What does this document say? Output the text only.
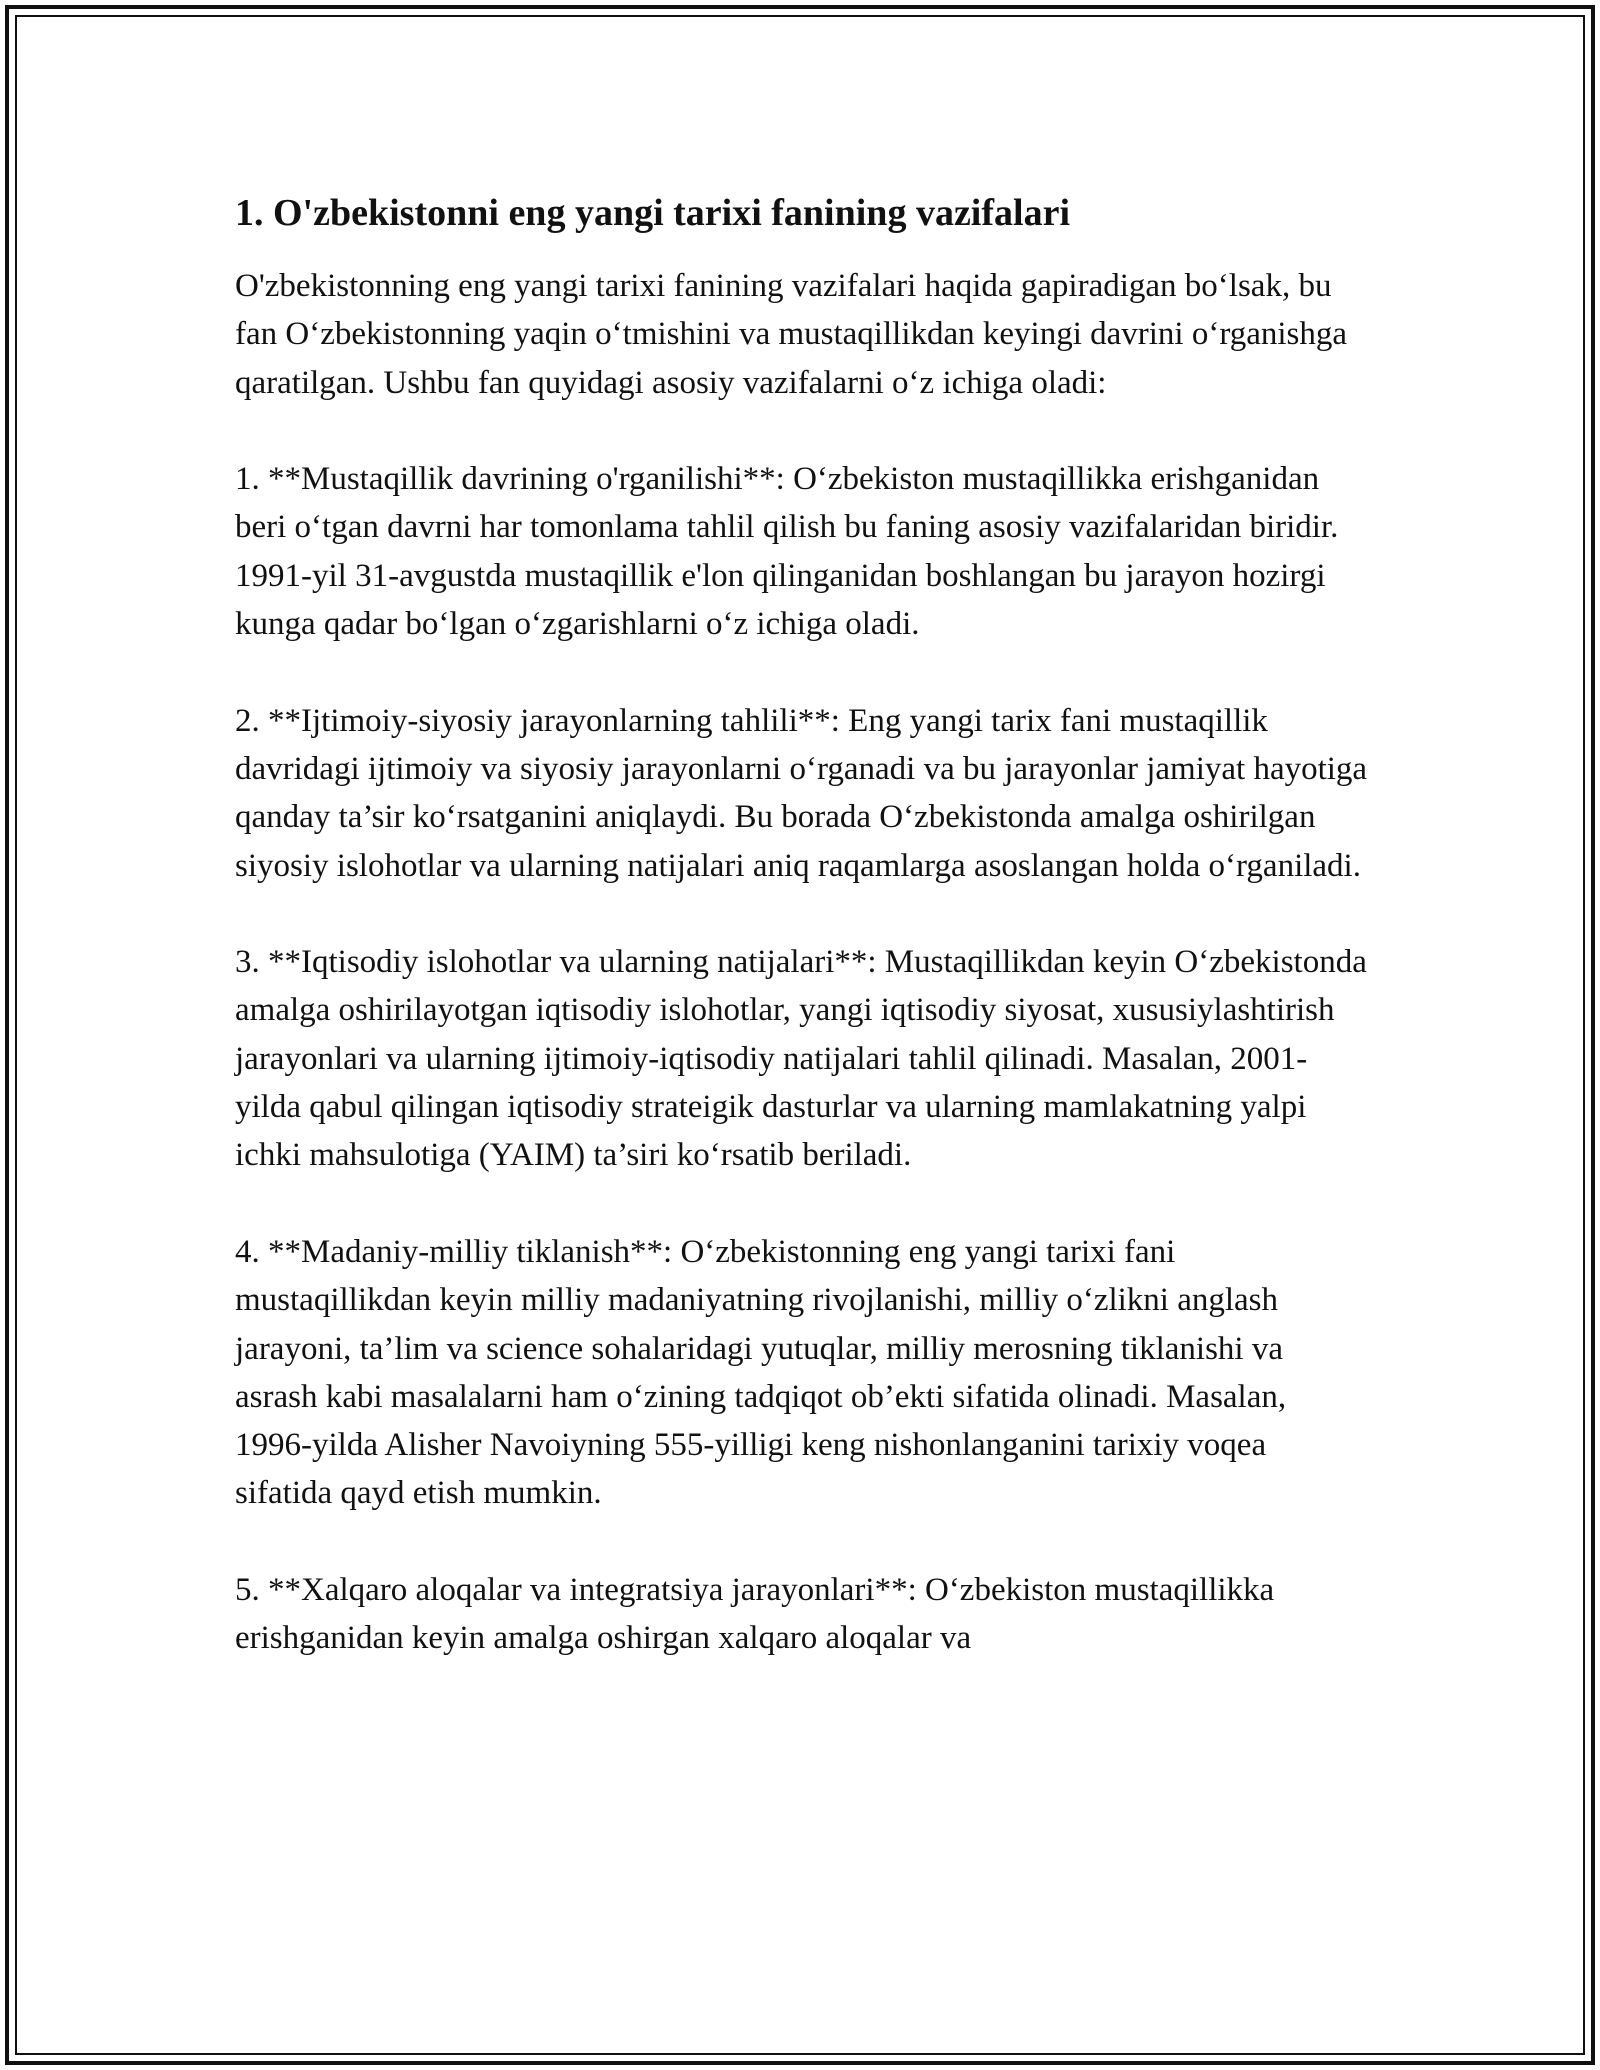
1. O'zbekistonni eng yangi tarixi fanining vazifalari
O'zbekistonning eng yangi tarixi fanining vazifalari haqida gapiradigan bo‘lsak, bu fan O‘zbekistonning yaqin o‘tmishini va mustaqillikdan keyingi davrini o‘rganishga qaratilgan. Ushbu fan quyidagi asosiy vazifalarni o‘z ichiga oladi:
1. **Mustaqillik davrining o'rganilishi**: O‘zbekiston mustaqillikka erishganidan beri o‘tgan davrni har tomonlama tahlil qilish bu faning asosiy vazifalaridan biridir. 1991-yil 31-avgustda mustaqillik e'lon qilinganidan boshlangan bu jarayon hozirgi kunga qadar bo‘lgan o‘zgarishlarni o‘z ichiga oladi.
2. **Ijtimoiy-siyosiy jarayonlarning tahlili**: Eng yangi tarix fani mustaqillik davridagi ijtimoiy va siyosiy jarayonlarni o‘rganadi va bu jarayonlar jamiyat hayotiga qanday ta’sir ko‘rsatganini aniqlaydi. Bu borada O‘zbekistonda amalga oshirilgan siyosiy islohotlar va ularning natijalari aniq raqamlarga asoslangan holda o‘rganiladi.
3. **Iqtisodiy islohotlar va ularning natijalari**: Mustaqillikdan keyin O‘zbekistonda amalga oshirilayotgan iqtisodiy islohotlar, yangi iqtisodiy siyosat, xususiylashtirish jarayonlari va ularning ijtimoiy-iqtisodiy natijalari tahlil qilinadi. Masalan, 2001-yilda qabul qilingan iqtisodiy strateigik dasturlar va ularning mamlakatning yalpi ichki mahsulotiga (YAIM) ta’siri ko‘rsatib beriladi.
4. **Madaniy-milliy tiklanish**: O‘zbekistonning eng yangi tarixi fani mustaqillikdan keyin milliy madaniyatning rivojlanishi, milliy o‘zlikni anglash jarayoni, ta’lim va science sohalaridagi yutuqlar, milliy merosning tiklanishi va asrash kabi masalalarni ham o‘zining tadqiqot ob’ekti sifatida olinadi. Masalan, 1996-yilda Alisher Navoiyning 555-yilligi keng nishonlanganini tarixiy voqea sifatida qayd etish mumkin.
5. **Xalqaro aloqalar va integratsiya jarayonlari**: O‘zbekiston mustaqillikka erishganidan keyin amalga oshirgan xalqaro aloqalar va
